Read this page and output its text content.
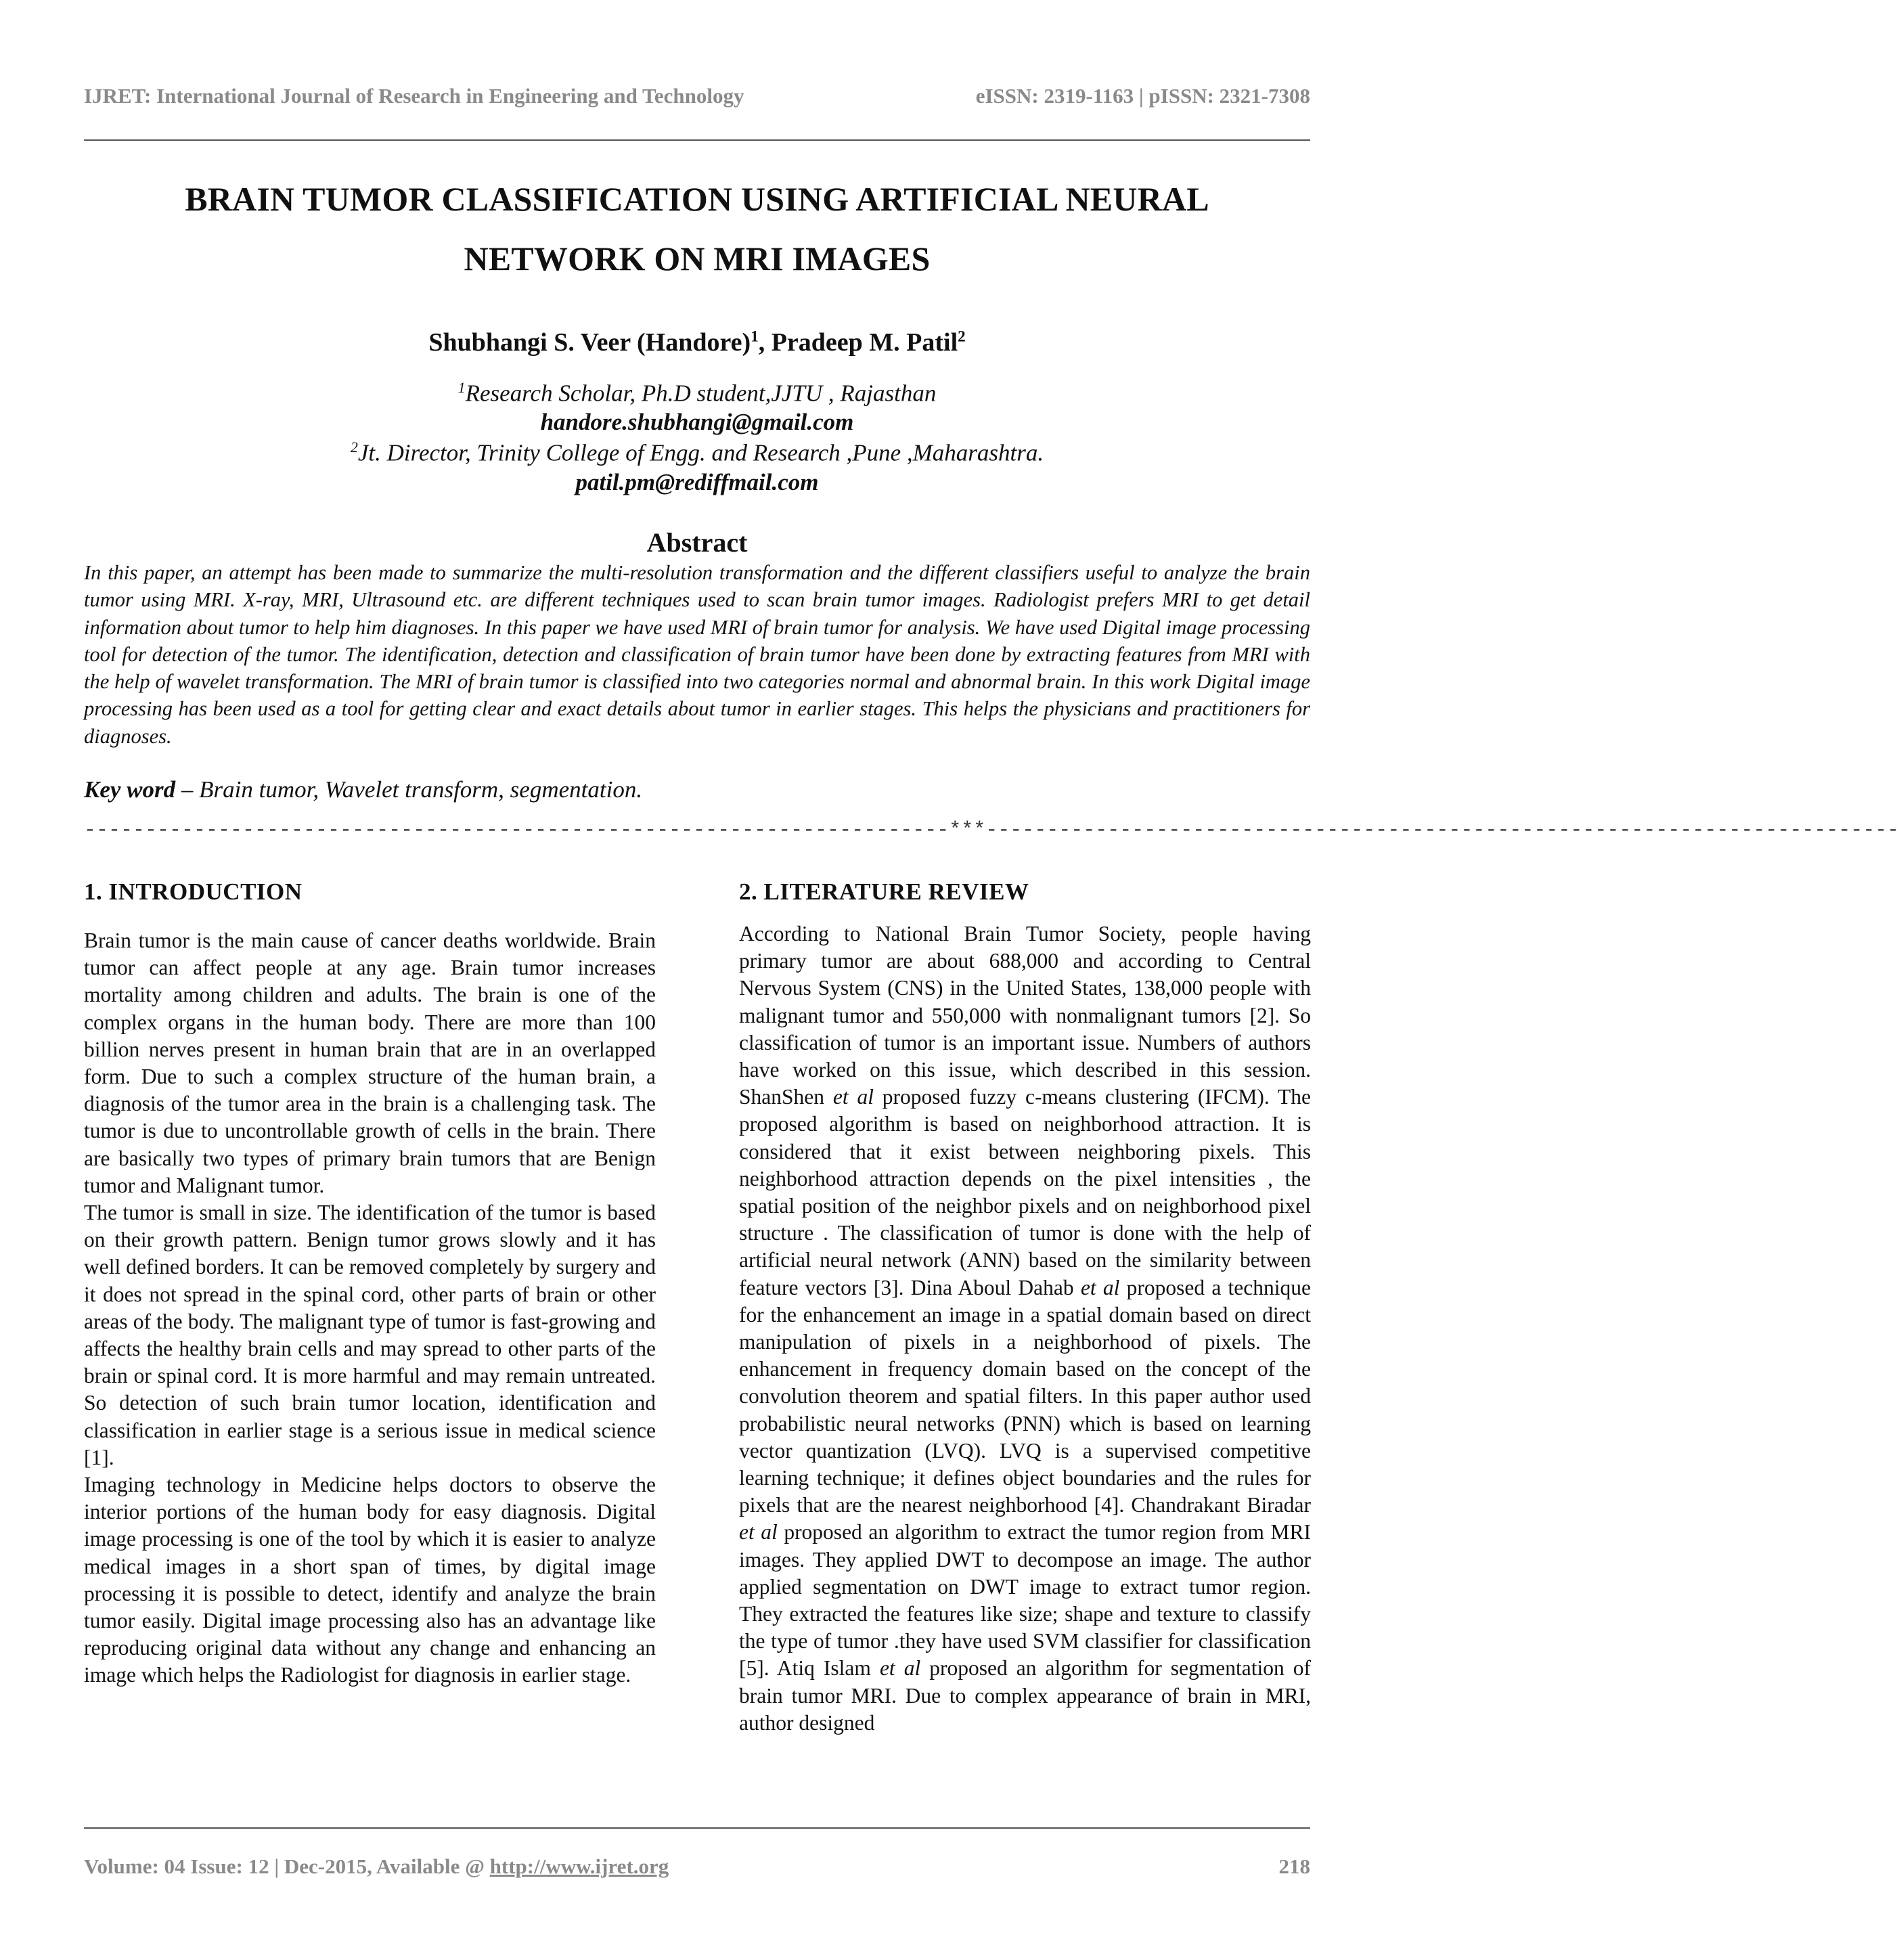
IJRET: International Journal of Research in Engineering and Technology	eISSN: 2319-1163 | pISSN: 2321-7308
BRAIN TUMOR CLASSIFICATION USING ARTIFICIAL NEURAL
NETWORK ON MRI IMAGES
Shubhangi S. Veer (Handore)$^1$, Pradeep M. Patil$^2$
$^1$Research Scholar, Ph.D student,JJTU , Rajasthan
handore.shubhangi@gmail.com
$^2$Jt. Director, Trinity College of Engg. and Research ,Pune ,Maharashtra.
patil.pm@rediffmail.com
Abstract
In this paper, an attempt has been made to summarize the multi-resolution transformation and the different classifiers useful to analyze the brain tumor using MRI. X-ray, MRI, Ultrasound etc. are different techniques used to scan brain tumor images. Radiologist prefers MRI to get detail information about tumor to help him diagnoses. In this paper we have used MRI of brain tumor for analysis. We have used Digital image processing tool for detection of the tumor. The identification, detection and classification of brain tumor have been done by extracting features from MRI with the help of wavelet transformation. The MRI of brain tumor is classified into two categories normal and abnormal brain. In this work Digital image processing has been used as a tool for getting clear and exact details about tumor in earlier stages. This helps the physicians and practitioners for diagnoses.
Key word – Brain tumor, Wavelet transform, segmentation.
-----------------------------------------------------------------------***---------------------------------------------------------------------------
1. INTRODUCTION

Brain tumor is the main cause of cancer deaths worldwide. Brain tumor can affect people at any age. Brain tumor increases mortality among children and adults. The brain is one of the complex organs in the human body. There are more than 100 billion nerves present in human brain that are in an overlapped form. Due to such a complex structure of the human brain, a diagnosis of the tumor area in the brain is a challenging task. The tumor is due to uncontrollable growth of cells in the brain. There are basically two types of primary brain tumors that are Benign tumor and Malignant tumor.

The tumor is small in size. The identification of the tumor is based on their growth pattern. Benign tumor grows slowly and it has well defined borders. It can be removed completely by surgery and it does not spread in the spinal cord, other parts of brain or other areas of the body. The malignant type of tumor is fast-growing and affects the healthy brain cells and may spread to other parts of the brain or spinal cord. It is more harmful and may remain untreated. So detection of such brain tumor location, identification and classification in earlier stage is a serious issue in medical science [1].

Imaging technology in Medicine helps doctors to observe the interior portions of the human body for easy diagnosis. Digital image processing is one of the tool by which it is easier to analyze medical images in a short span of times, by digital image processing it is possible to detect, identify and analyze the brain tumor easily. Digital image processing also has an advantage like reproducing original data without any change and enhancing an image which helps the Radiologist for diagnosis in earlier stage.

2. LITERATURE REVIEW

According to National Brain Tumor Society, people having primary tumor are about 688,000 and according to Central Nervous System (CNS) in the United States, 138,000 people with malignant tumor and 550,000 with nonmalignant tumors [2]. So classification of tumor is an important issue. Numbers of authors have worked on this issue, which described in this session. ShanShen et al proposed fuzzy c-means clustering (IFCM). The proposed algorithm is based on neighborhood attraction. It is considered that it exist between neighboring pixels. This neighborhood attraction depends on the pixel intensities , the spatial position of the neighbor pixels and on neighborhood pixel structure . The classification of tumor is done with the help of artificial neural network (ANN) based on the similarity between feature vectors [3]. Dina Aboul Dahab et al proposed a technique for the enhancement an image in a spatial domain based on direct manipulation of pixels in a neighborhood of pixels. The enhancement in frequency domain based on the concept of the convolution theorem and spatial filters. In this paper author used probabilistic neural networks (PNN) which is based on learning vector quantization (LVQ). LVQ is a supervised competitive learning technique; it defines object boundaries and the rules for pixels that are the nearest neighborhood [4]. Chandrakant Biradar et al proposed an algorithm to extract the tumor region from MRI images. They applied DWT to decompose an image. The author applied segmentation on DWT image to extract tumor region. They extracted the features like size; shape and texture to classify the type of tumor .they have used SVM classifier for classification [5]. Atiq Islam et al proposed an algorithm for segmentation of brain tumor MRI. Due to complex appearance of brain in MRI, author designed

Volume: 04 Issue: 12 | Dec-2015, Available @ http://www.ijret.org	218
